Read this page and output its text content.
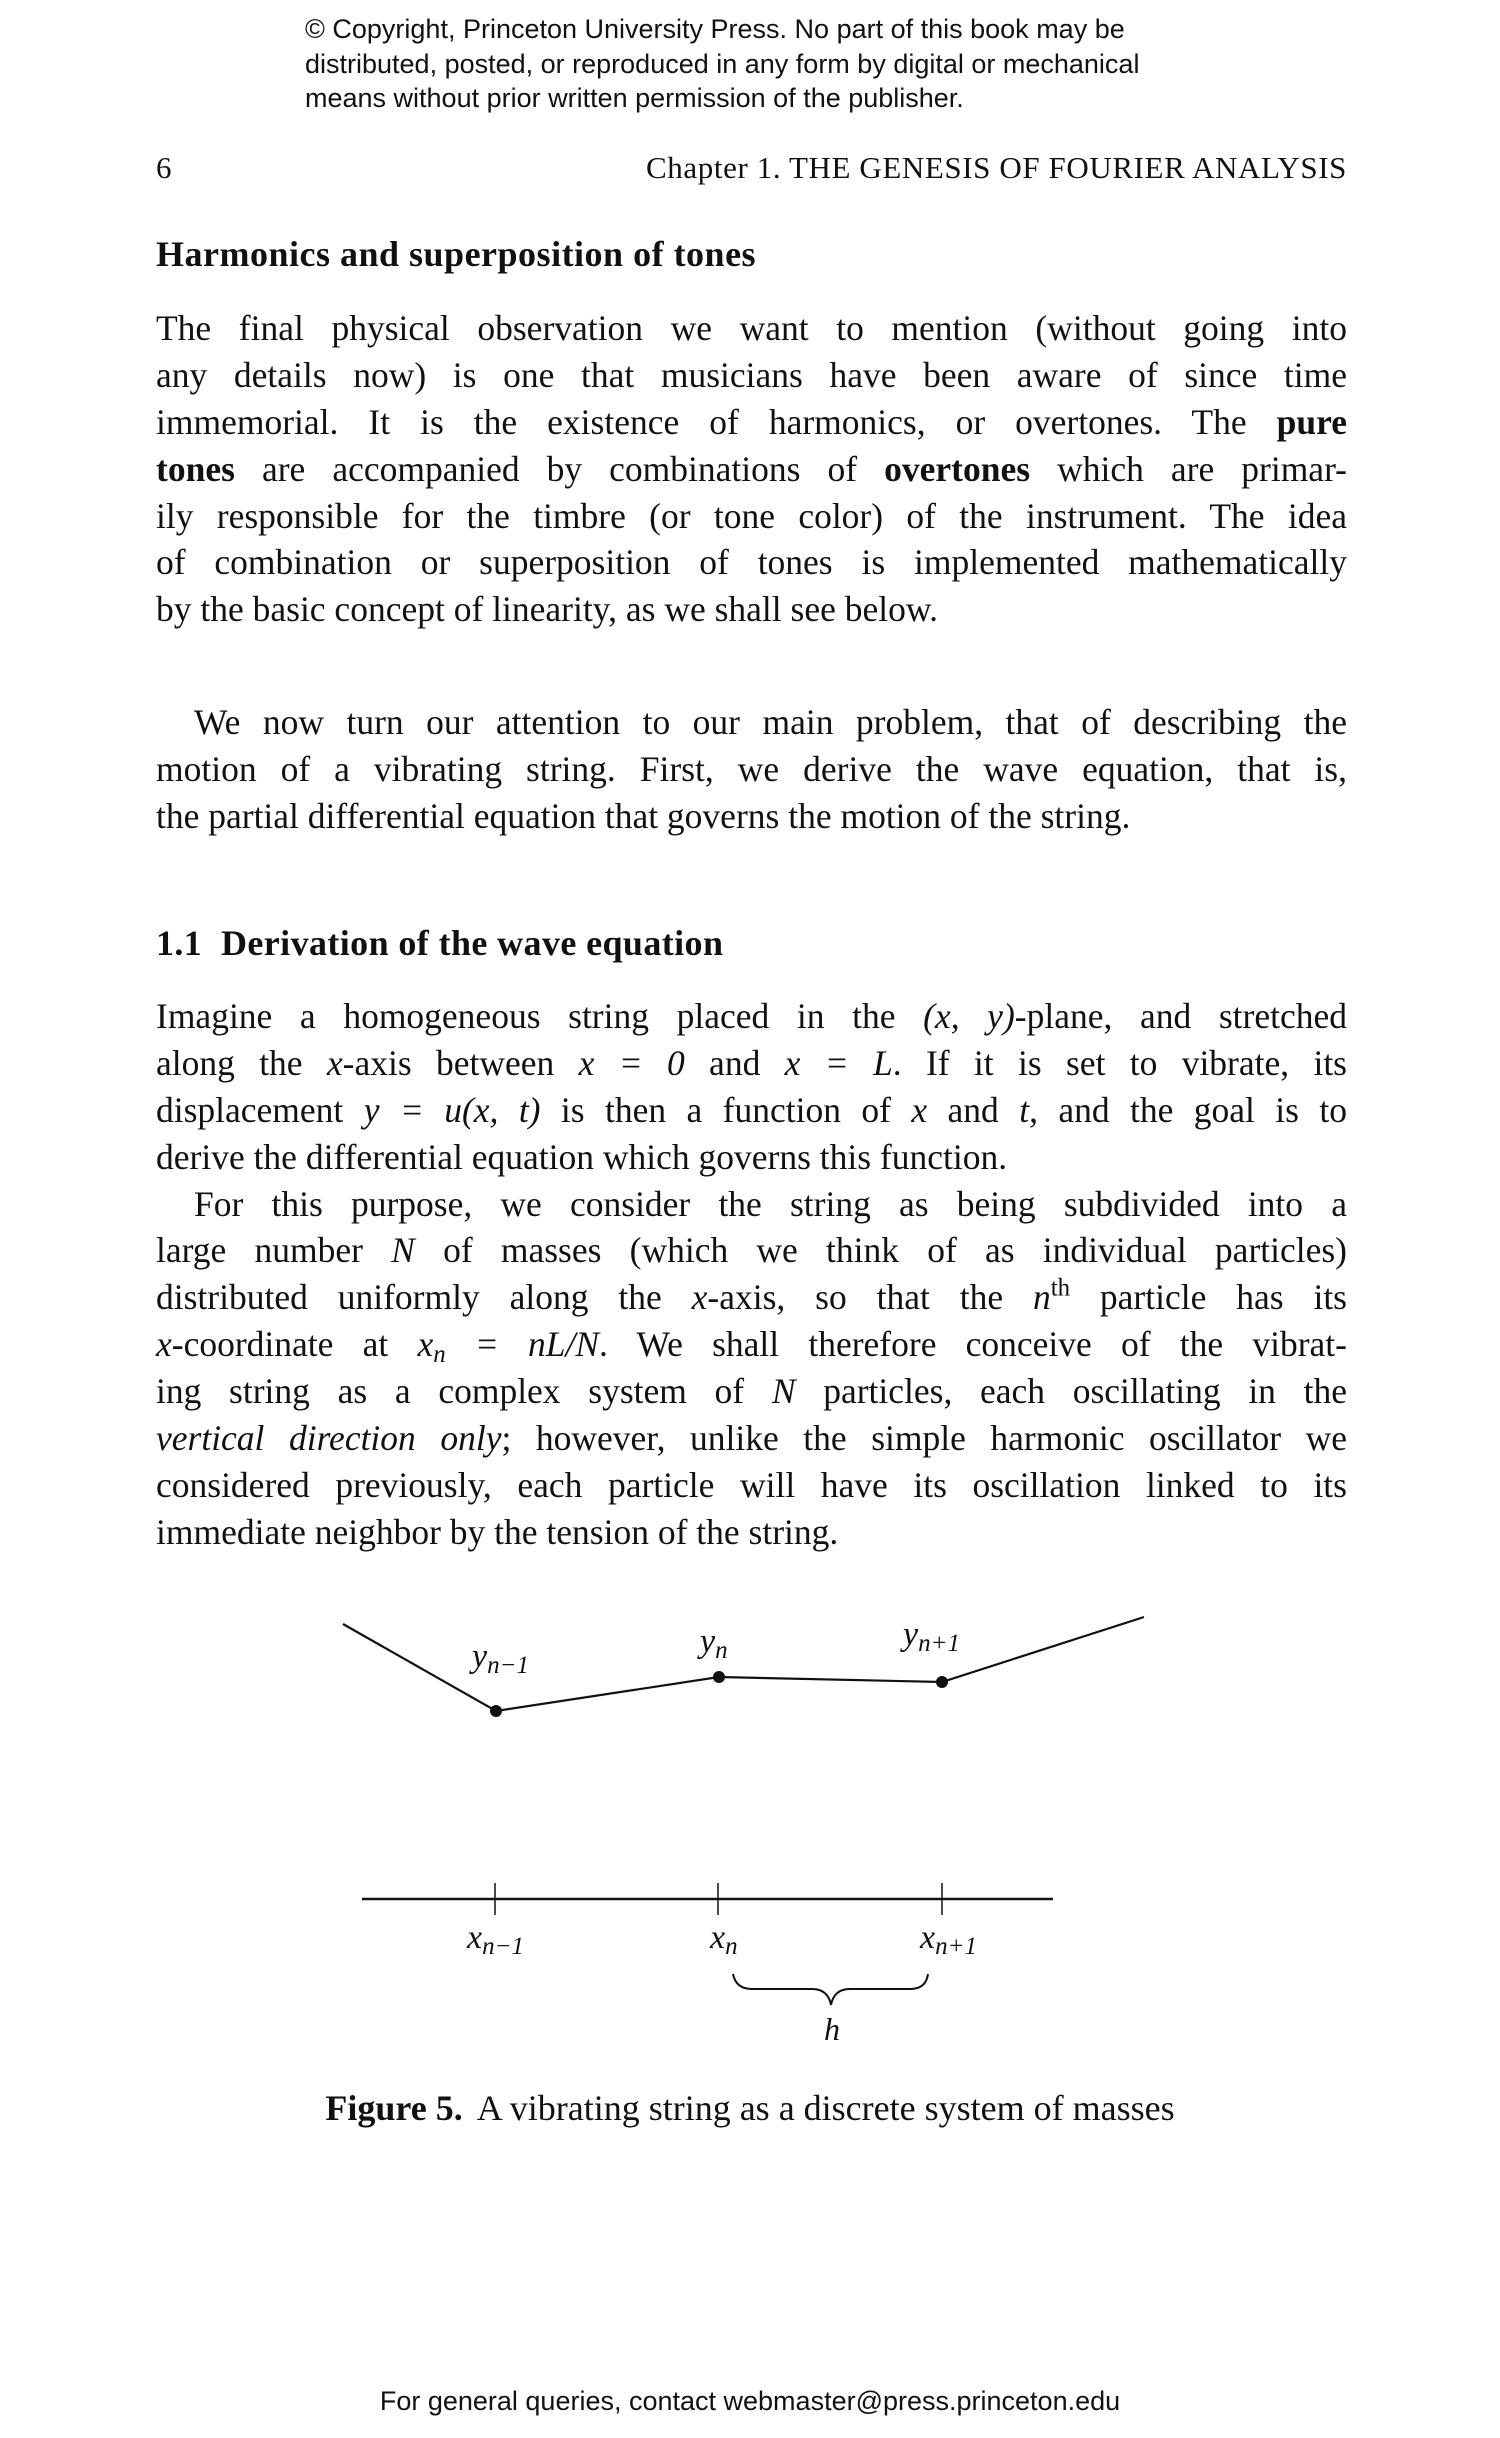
© Copyright, Princeton University Press. No part of this book may be
distributed, posted, or reproduced in any form by digital or mechanical
means without prior written permission of the publisher.
6	Chapter 1. THE GENESIS OF FOURIER ANALYSIS
Harmonics and superposition of tones
The final physical observation we want to mention (without going into
any details now) is one that musicians have been aware of since time
immemorial. It is the existence of harmonics, or overtones. The pure
tones are accompanied by combinations of overtones which are primar-
ily responsible for the timbre (or tone color) of the instrument. The idea
of combination or superposition of tones is implemented mathematically
by the basic concept of linearity, as we shall see below.
We now turn our attention to our main problem, that of describing the
motion of a vibrating string. First, we derive the wave equation, that is,
the partial differential equation that governs the motion of the string.
1.1 Derivation of the wave equation
Imagine a homogeneous string placed in the (x, y)-plane, and stretched
along the x-axis between x = 0 and x = L. If it is set to vibrate, its
displacement y = u(x, t) is then a function of x and t, and the goal is to
derive the differential equation which governs this function.
For this purpose, we consider the string as being subdivided into a
large number N of masses (which we think of as individual particles)
distributed uniformly along the x-axis, so that the $n^{th}$ particle has its
x-coordinate at $x_n = nL/N$. We shall therefore conceive of the vibrat-
ing string as a complex system of N particles, each oscillating in the
vertical direction only; however, unlike the simple harmonic oscillator we
considered previously, each particle will have its oscillation linked to its
immediate neighbor by the tension of the string.
yn−1
yn	yn+1
xn−1	xn	xn+1
h
Figure 5. A vibrating string as a discrete system of masses
For general queries, contact webmaster@press.princeton.edu
